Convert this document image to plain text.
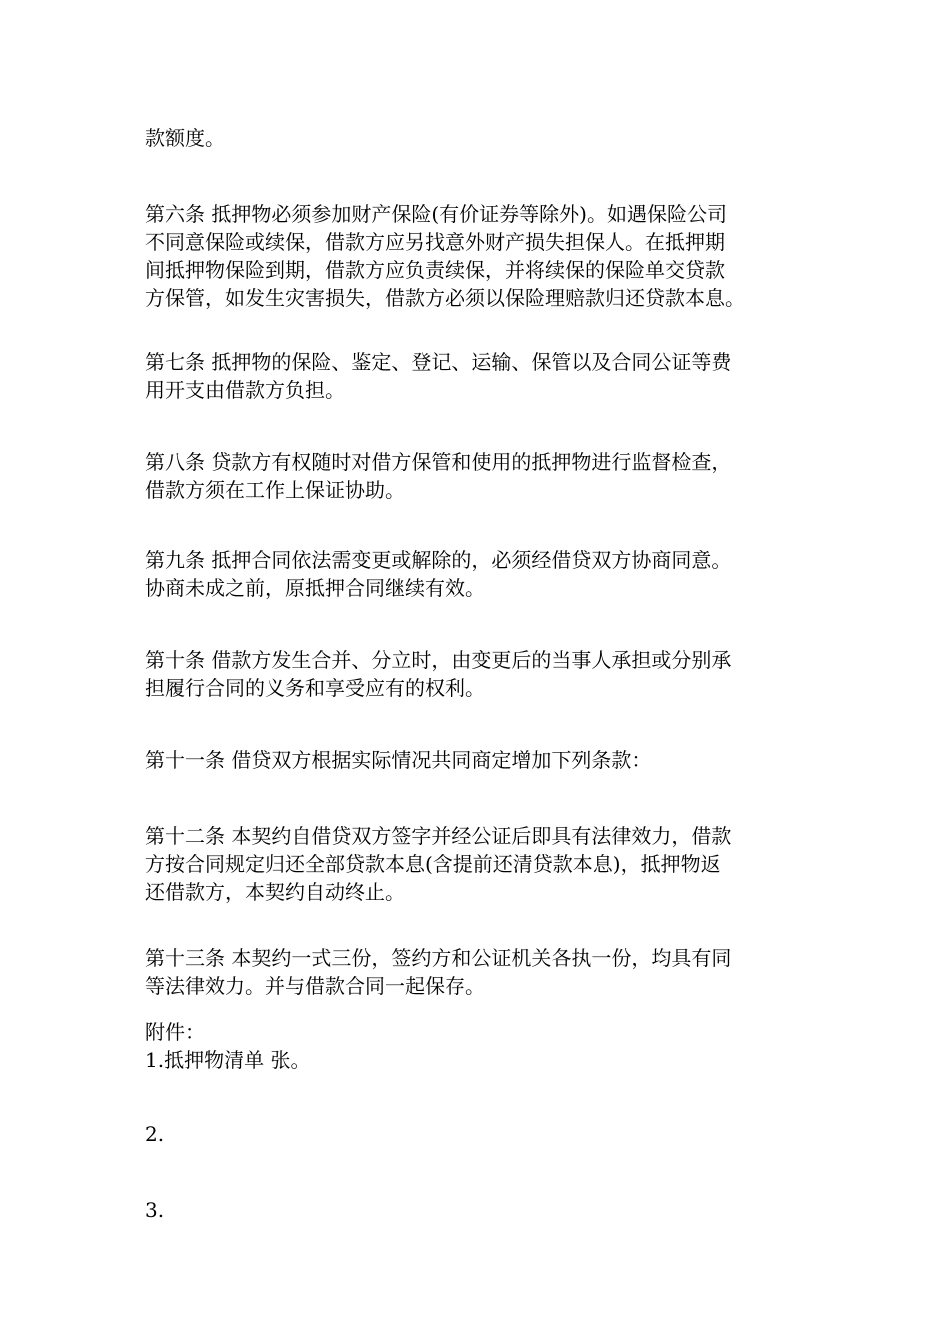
款额度。

第六条 抵押物必须参加财产保险(有价证券等除外)。如遇保险公司
不同意保险或续保，借款方应另找意外财产损失担保人。在抵押期
间抵押物保险到期，借款方应负责续保，并将续保的保险单交贷款
方保管，如发生灾害损失，借款方必须以保险理赔款归还贷款本息。

第七条 抵押物的保险、鉴定、登记、运输、保管以及合同公证等费
用开支由借款方负担。

第八条 贷款方有权随时对借方保管和使用的抵押物进行监督检查，
借款方须在工作上保证协助。

第九条 抵押合同依法需变更或解除的，必须经借贷双方协商同意。
协商未成之前，原抵押合同继续有效。

第十条 借款方发生合并、分立时，由变更后的当事人承担或分别承
担履行合同的义务和享受应有的权利。

第十一条 借贷双方根据实际情况共同商定增加下列条款：

第十二条 本契约自借贷双方签字并经公证后即具有法律效力，借款
方按合同规定归还全部贷款本息(含提前还清贷款本息)，抵押物返
还借款方，本契约自动终止。

第十三条 本契约一式三份，签约方和公证机关各执一份，均具有同
等法律效力。并与借款合同一起保存。

附件：
1.抵押物清单 张。

2.

3.
